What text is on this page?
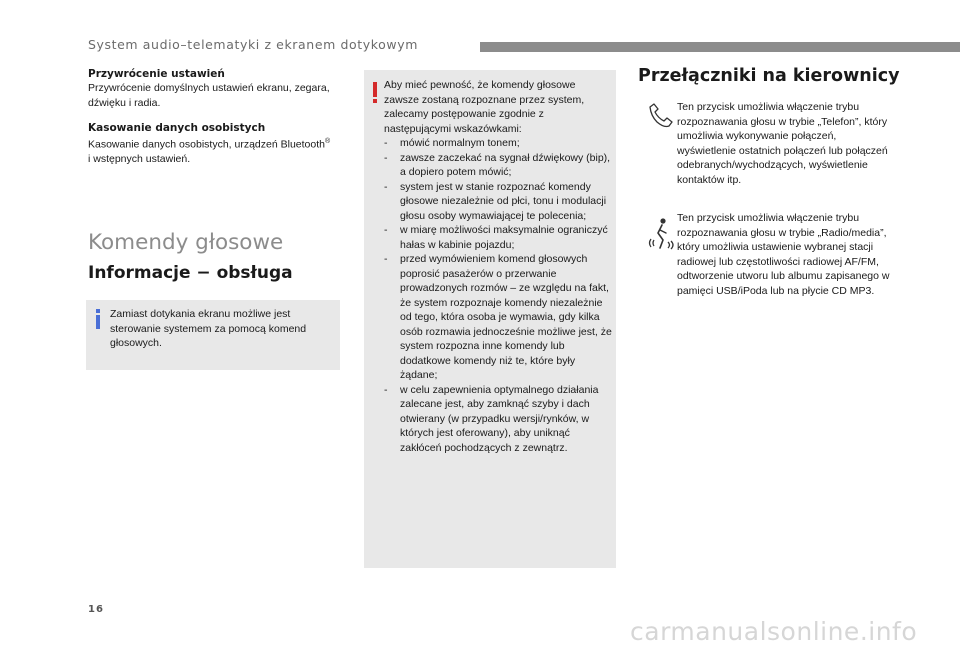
System audio–telematyki z ekranem dotykowym
Przywrócenie ustawień

Przywrócenie domyślnych ustawień ekranu, zegara, dźwięku i radia.

Kasowanie danych osobistych

Kasowanie danych osobistych, urządzeń Bluetooth®
i wstępnych ustawień.

Komendy głosowe
Informacje − obsługa
Zamiast dotykania ekranu możliwe jest sterowanie systemem za pomocą komend głosowych.
Aby mieć pewność, że komendy głosowe zawsze zostaną rozpoznane przez system, zalecamy postępowanie zgodnie z następującymi wskazówkami:
- mówić normalnym tonem;
- zawsze zaczekać na sygnał dźwiękowy (bip), a dopiero potem mówić;
- system jest w stanie rozpoznać komendy głosowe niezależnie od płci, tonu i modulacji głosu osoby wymawiającej te polecenia;
- w miarę możliwości maksymalnie ograniczyć hałas w kabinie pojazdu;
- przed wymówieniem komend głosowych poprosić pasażerów o przerwanie prowadzonych rozmów – ze względu na fakt, że system rozpoznaje komendy niezależnie od tego, która osoba je wymawia, gdy kilka osób rozmawia jednocześnie możliwe jest, że system rozpozna inne komendy lub dodatkowe komendy niż te, które były żądane;
- w celu zapewnienia optymalnego działania zalecane jest, aby zamknąć szyby i dach otwierany (w przypadku wersji/rynków, w których jest oferowany), aby uniknąć zakłóceń pochodzących z zewnątrz.
Przełączniki na kierownicy
Ten przycisk umożliwia włączenie trybu rozpoznawania głosu w trybie „Telefon”, który umożliwia wykonywanie połączeń, wyświetlenie ostatnich połączeń lub połączeń odebranych/wychodzących, wyświetlenie kontaktów itp.
Ten przycisk umożliwia włączenie trybu rozpoznawania głosu w trybie „Radio/media”, który umożliwia ustawienie wybranej stacji radiowej lub częstotliwości radiowej AF/FM, odtworzenie utworu lub albumu zapisanego w pamięci USB/iPoda lub na płycie CD MP3.
16
carmanualsonline.info
